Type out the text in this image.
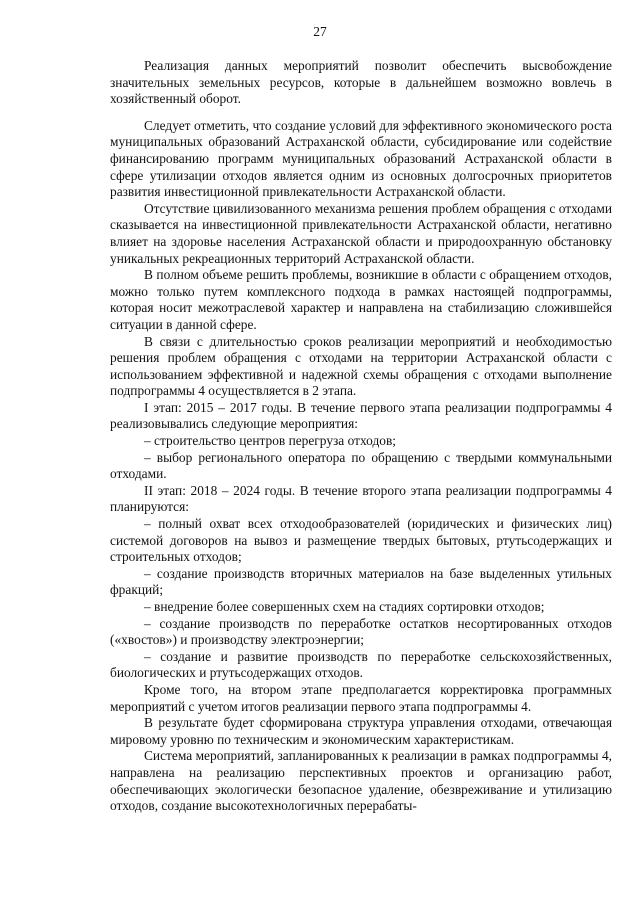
27

Реализация данных мероприятий позволит обеспечить высвобождение значительных земельных ресурсов, которые в дальнейшем возможно вовлечь в хозяйственный оборот.

Следует отметить, что создание условий для эффективного экономического роста муниципальных образований Астраханской области, субсидирование или содействие финансированию программ муниципальных образований Астраханской области в сфере утилизации отходов является одним из основных долгосрочных приоритетов развития инвестиционной привлекательности Астраханской области.

Отсутствие цивилизованного механизма решения проблем обращения с отходами сказывается на инвестиционной привлекательности Астраханской области, негативно влияет на здоровье населения Астраханской области и природоохранную обстановку уникальных рекреационных территорий Астраханской области.

В полном объеме решить проблемы, возникшие в области с обращением отходов, можно только путем комплексного подхода в рамках настоящей подпрограммы, которая носит межотраслевой характер и направлена на стабилизацию сложившейся ситуации в данной сфере.

В связи с длительностью сроков реализации мероприятий и необходимостью решения проблем обращения с отходами на территории Астраханской области с использованием эффективной и надежной схемы обращения с отходами выполнение подпрограммы 4 осуществляется в 2 этапа.

I этап: 2015 – 2017 годы. В течение первого этапа реализации подпрограммы 4 реализовывались следующие мероприятия:

– строительство центров перегруза отходов;

– выбор регионального оператора по обращению с твердыми коммунальными отходами.

II этап: 2018 – 2024 годы. В течение второго этапа реализации подпрограммы 4 планируются:

– полный охват всех отходообразователей (юридических и физических лиц) системой договоров на вывоз и размещение твердых бытовых, ртутьсодержащих и строительных отходов;

– создание производств вторичных материалов на базе выделенных утильных фракций;

– внедрение более совершенных схем на стадиях сортировки отходов;

– создание производств по переработке остатков несортированных отходов («хвостов») и производству электроэнергии;

– создание и развитие производств по переработке сельскохозяйственных, биологических и ртутьсодержащих отходов.

Кроме того, на втором этапе предполагается корректировка программных мероприятий с учетом итогов реализации первого этапа подпрограммы 4.

В результате будет сформирована структура управления отходами, отвечающая мировому уровню по техническим и экономическим характеристикам.

Система мероприятий, запланированных к реализации в рамках подпрограммы 4, направлена на реализацию перспективных проектов и организацию работ, обеспечивающих экологически безопасное удаление, обезвреживание и утилизацию отходов, создание высокотехнологичных перерабаты-
